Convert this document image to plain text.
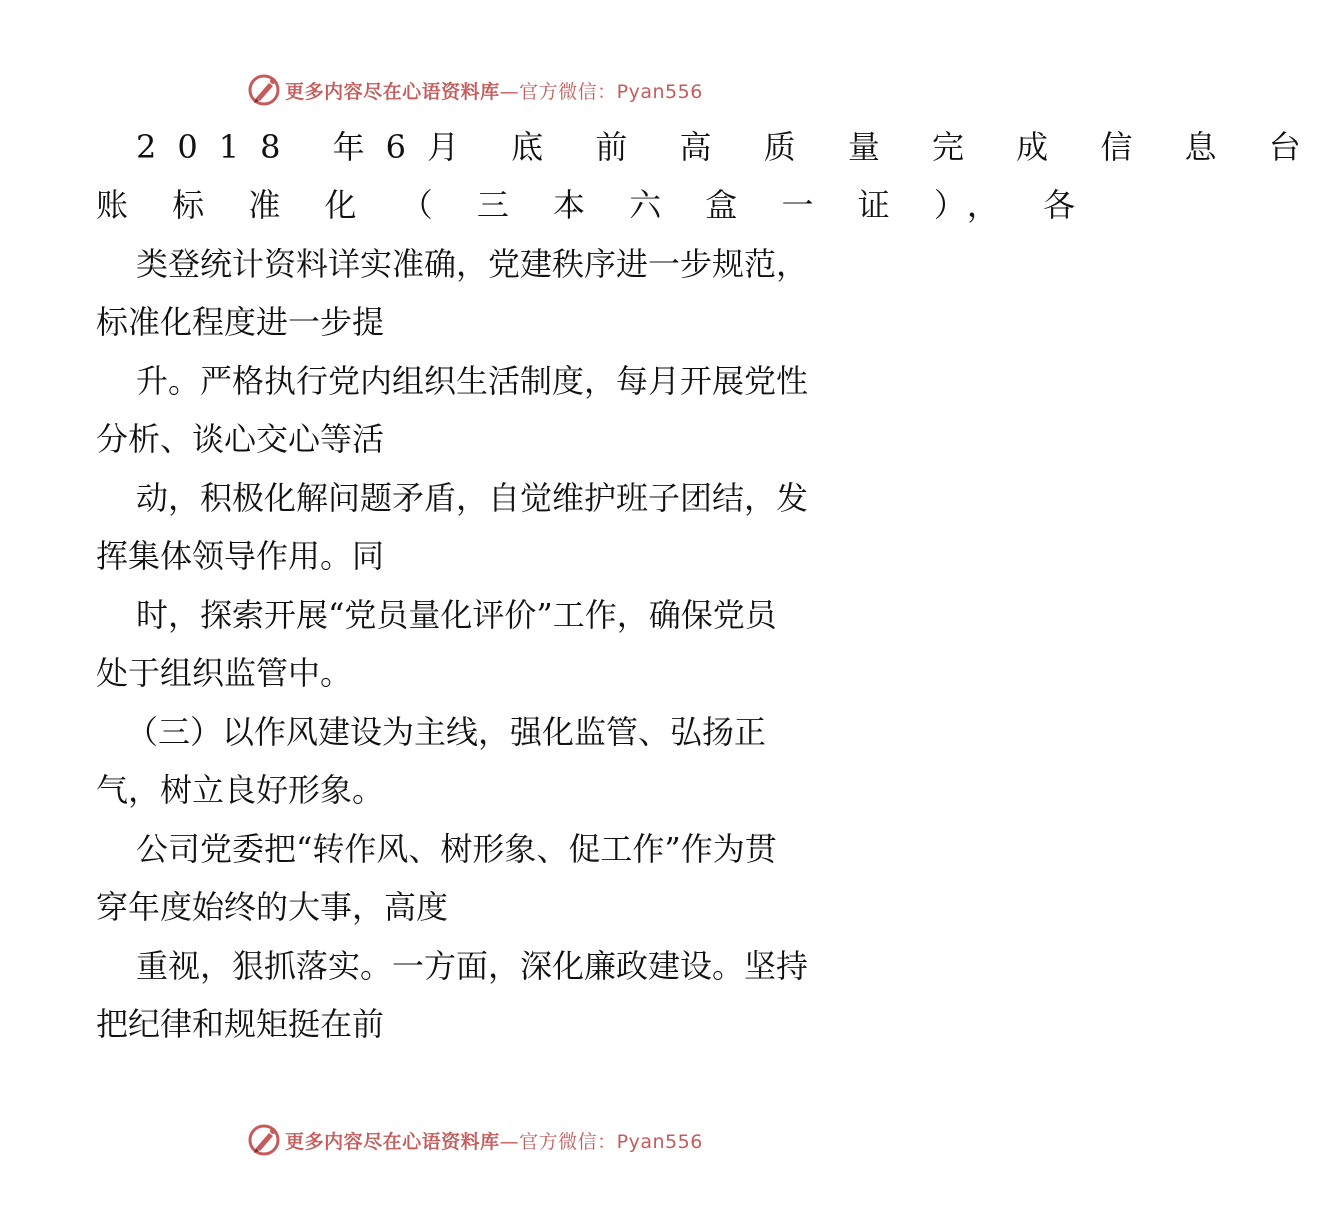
更多内容尽在心语资料库—官方微信：Pyan556
2018 年6月 底 前 高 质 量 完 成 信 息 台
账 标 准 化 （ 三 本 六 盒 一 证 ）， 各
类登统计资料详实准确，党建秩序进一步规范，
标准化程度进一步提
升。严格执行党内组织生活制度，每月开展党性
分析、谈心交心等活
动，积极化解问题矛盾，自觉维护班子团结，发
挥集体领导作用。同
时，探索开展“党员量化评价”工作，确保党员
处于组织监管中。
（三）以作风建设为主线，强化监管、弘扬正
气，树立良好形象。
公司党委把“转作风、树形象、促工作”作为贯
穿年度始终的大事，高度
重视，狠抓落实。一方面，深化廉政建设。坚持
把纪律和规矩挺在前
更多内容尽在心语资料库—官方微信：Pyan556
